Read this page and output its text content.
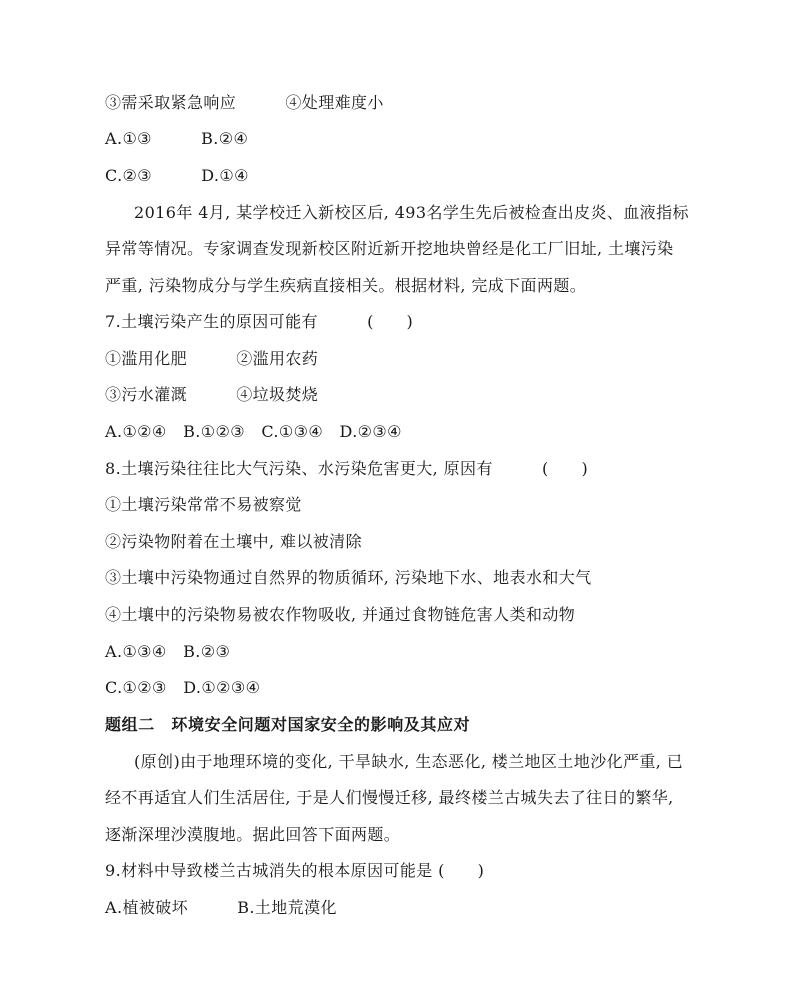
③需采取紧急响应　　　④处理难度小
A.①③　　　B.②④
C.②③　　　D.①④
2016年 4月, 某学校迁入新校区后, 493名学生先后被检查出皮炎、血液指标
异常等情况。专家调查发现新校区附近新开挖地块曾经是化工厂旧址, 土壤污染
严重, 污染物成分与学生疾病直接相关。根据材料, 完成下面两题。
7.土壤污染产生的原因可能有　　　(　　)
①滥用化肥　　　②滥用农药
③污水灌溉　　　④垃圾焚烧
A.①②④　B.①②③　C.①③④　D.②③④
8.土壤污染往往比大气污染、水污染危害更大, 原因有　　　(　　)
①土壤污染常常不易被察觉
②污染物附着在土壤中, 难以被清除
③土壤中污染物通过自然界的物质循环, 污染地下水、地表水和大气
④土壤中的污染物易被农作物吸收, 并通过食物链危害人类和动物
A.①③④　B.②③
C.①②③　D.①②③④
题组二　环境安全问题对国家安全的影响及其应对
(原创)由于地理环境的变化, 干旱缺水, 生态恶化, 楼兰地区土地沙化严重, 已
经不再适宜人们生活居住, 于是人们慢慢迁移, 最终楼兰古城失去了往日的繁华,
逐渐深埋沙漠腹地。据此回答下面两题。
9.材料中导致楼兰古城消失的根本原因可能是 (　　)
A.植被破坏　　　B.土地荒漠化
